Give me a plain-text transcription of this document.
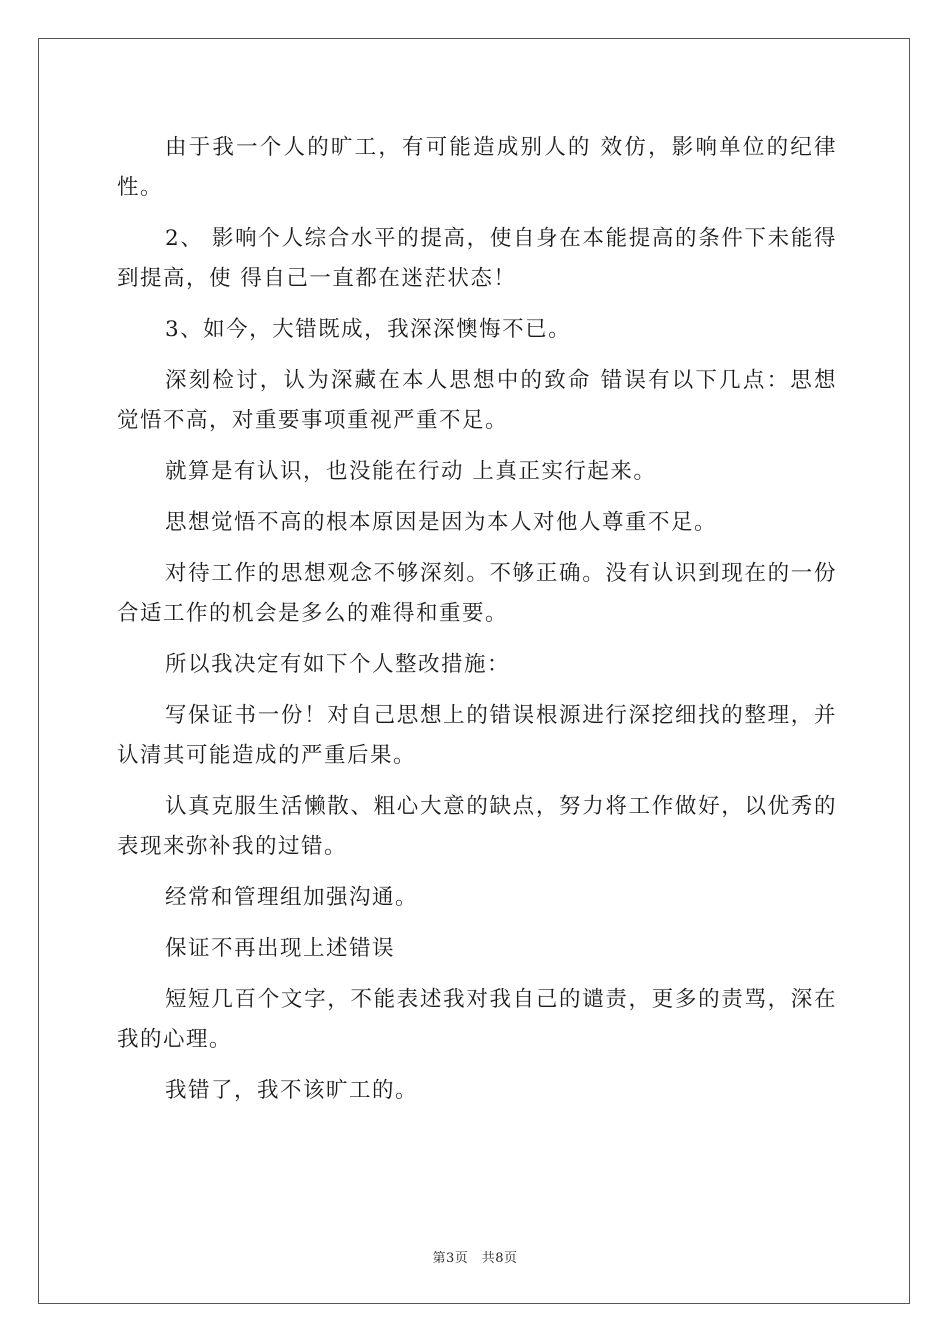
由于我一个人的旷工，有可能造成别人的 效仿，影响单位的纪律性。

2、 影响个人综合水平的提高，使自身在本能提高的条件下未能得到提高，使 得自己一直都在迷茫状态！

3、如今，大错既成，我深深懊悔不已。

深刻检讨，认为深藏在本人思想中的致命 错误有以下几点：思想觉悟不高，对重要事项重视严重不足。

就算是有认识，也没能在行动 上真正实行起来。

思想觉悟不高的根本原因是因为本人对他人尊重不足。

对待工作的思想观念不够深刻。不够正确。没有认识到现在的一份合适工作的机会是多么的难得和重要。

所以我决定有如下个人整改措施：

写保证书一份！对自己思想上的错误根源进行深挖细找的整理，并认清其可能造成的严重后果。

认真克服生活懒散、粗心大意的缺点，努力将工作做好，以优秀的表现来弥补我的过错。

经常和管理组加强沟通。

保证不再出现上述错误

短短几百个文字，不能表述我对我自己的谴责，更多的责骂，深在我的心理。

我错了，我不该旷工的。

第3页　共8页
